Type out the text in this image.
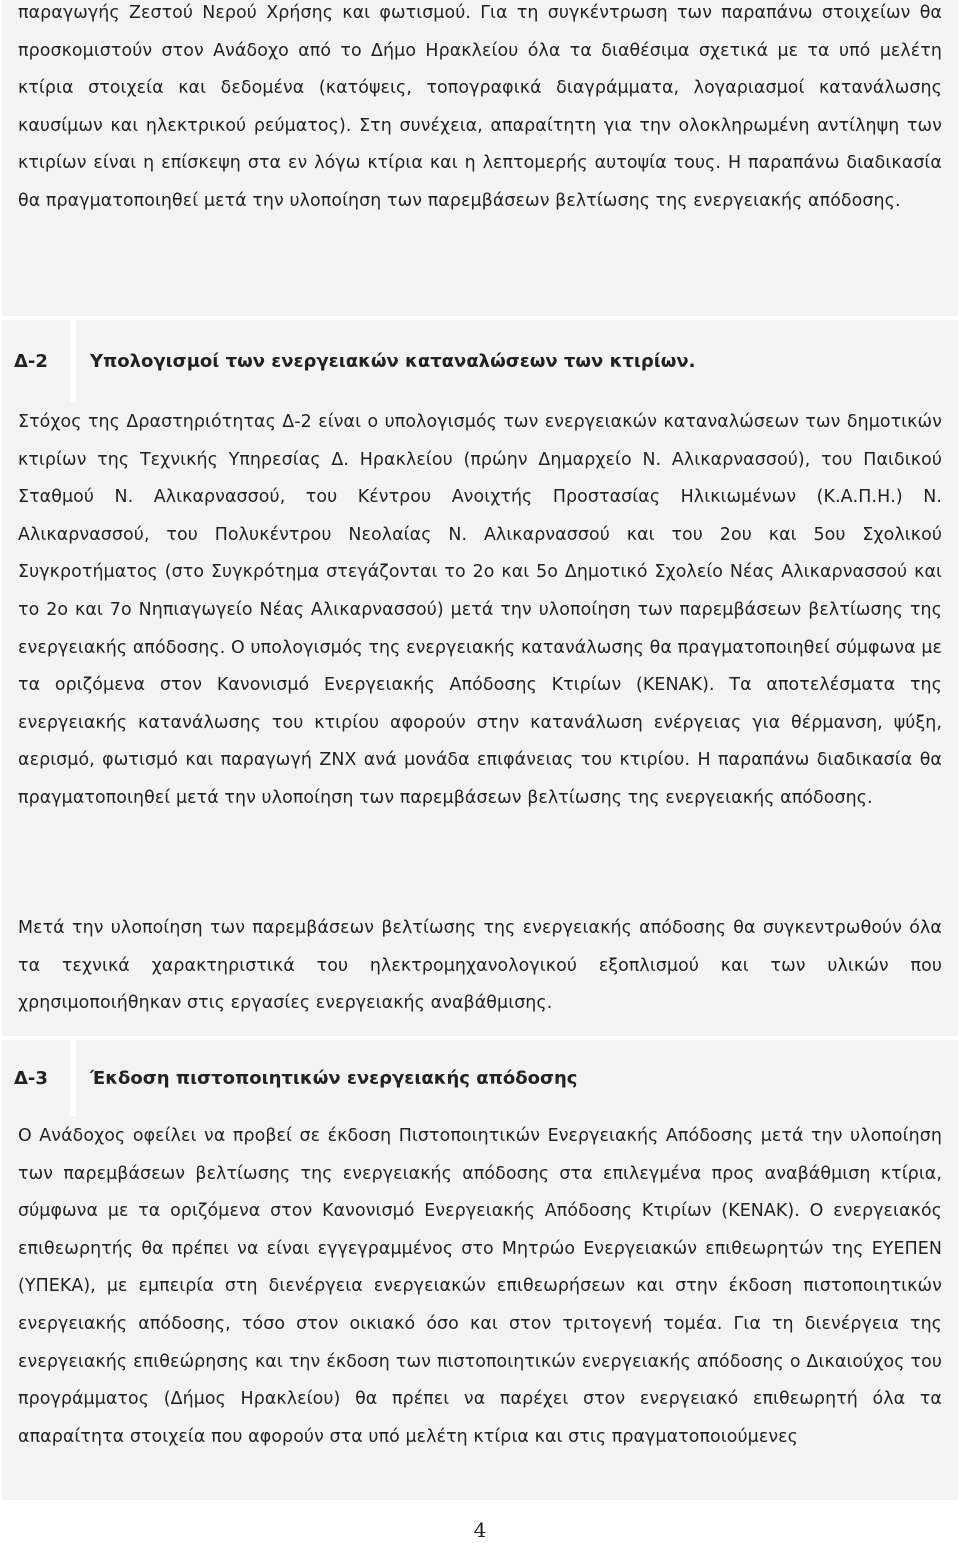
παραγωγής Ζεστού Νερού Χρήσης και φωτισμού. Για τη συγκέντρωση των παραπάνω στοιχείων θα προσκομιστούν στον Ανάδοχο από το Δήμο Ηρακλείου όλα τα διαθέσιμα σχετικά με τα υπό μελέτη κτίρια στοιχεία και δεδομένα (κατόψεις, τοπογραφικά διαγράμματα, λογαριασμοί κατανάλωσης καυσίμων και ηλεκτρικού ρεύματος). Στη συνέχεια, απαραίτητη για την ολοκληρωμένη αντίληψη των κτιρίων είναι η επίσκεψη στα εν λόγω κτίρια και η λεπτομερής αυτοψία τους. Η παραπάνω διαδικασία θα πραγματοποιηθεί μετά την υλοποίηση των παρεμβάσεων βελτίωσης της ενεργειακής απόδοσης.

Δ-2	Υπολογισμοί των ενεργειακών καταναλώσεων των κτιρίων.

Στόχος της Δραστηριότητας Δ-2 είναι ο υπολογισμός των ενεργειακών καταναλώσεων των δημοτικών κτιρίων της Τεχνικής Υπηρεσίας Δ. Ηρακλείου (πρώην Δημαρχείο Ν. Αλικαρνασσού), του Παιδικού Σταθμού Ν. Αλικαρνασσού, του Κέντρου Ανοιχτής Προστασίας Ηλικιωμένων (Κ.Α.Π.Η.) Ν. Αλικαρνασσού, του Πολυκέντρου Νεολαίας Ν. Αλικαρνασσού και του 2ου και 5ου Σχολικού Συγκροτήματος (στο Συγκρότημα στεγάζονται το 2ο και 5ο Δημοτικό Σχολείο Νέας Αλικαρνασσού και το 2ο και 7ο Νηπιαγωγείο Νέας Αλικαρνασσού) μετά την υλοποίηση των παρεμβάσεων βελτίωσης της ενεργειακής απόδοσης. Ο υπολογισμός της ενεργειακής κατανάλωσης θα πραγματοποιηθεί σύμφωνα με τα οριζόμενα στον Κανονισμό Ενεργειακής Απόδοσης Κτιρίων (ΚΕΝΑΚ). Τα αποτελέσματα της ενεργειακής κατανάλωσης του κτιρίου αφορούν στην κατανάλωση ενέργειας για θέρμανση, ψύξη, αερισμό, φωτισμό και παραγωγή ΖΝΧ ανά μονάδα επιφάνειας του κτιρίου. Η παραπάνω διαδικασία θα πραγματοποιηθεί μετά την υλοποίηση των παρεμβάσεων βελτίωσης της ενεργειακής απόδοσης.

Μετά την υλοποίηση των παρεμβάσεων βελτίωσης της ενεργειακής απόδοσης θα συγκεντρωθούν όλα τα τεχνικά χαρακτηριστικά του ηλεκτρομηχανολογικού εξοπλισμού και των υλικών που χρησιμοποιήθηκαν στις εργασίες ενεργειακής αναβάθμισης.

Δ-3	Έκδοση πιστοποιητικών ενεργειακής απόδοσης

Ο Ανάδοχος οφείλει να προβεί σε έκδοση Πιστοποιητικών Ενεργειακής Απόδοσης μετά την υλοποίηση των παρεμβάσεων βελτίωσης της ενεργειακής απόδοσης στα επιλεγμένα προς αναβάθμιση κτίρια, σύμφωνα με τα οριζόμενα στον Κανονισμό Ενεργειακής Απόδοσης Κτιρίων (ΚΕΝΑΚ). Ο ενεργειακός επιθεωρητής θα πρέπει να είναι εγγεγραμμένος στο Μητρώο Ενεργειακών επιθεωρητών της ΕΥΕΠΕΝ (ΥΠΕΚΑ), με εμπειρία στη διενέργεια ενεργειακών επιθεωρήσεων και στην έκδοση πιστοποιητικών ενεργειακής απόδοσης, τόσο στον οικιακό όσο και στον τριτογενή τομέα. Για τη διενέργεια της ενεργειακής επιθεώρησης και την έκδοση των πιστοποιητικών ενεργειακής απόδοσης ο Δικαιούχος του προγράμματος (Δήμος Ηρακλείου) θα πρέπει να παρέχει στον ενεργειακό επιθεωρητή όλα τα απαραίτητα στοιχεία που αφορούν στα υπό μελέτη κτίρια και στις πραγματοποιούμενες

4
